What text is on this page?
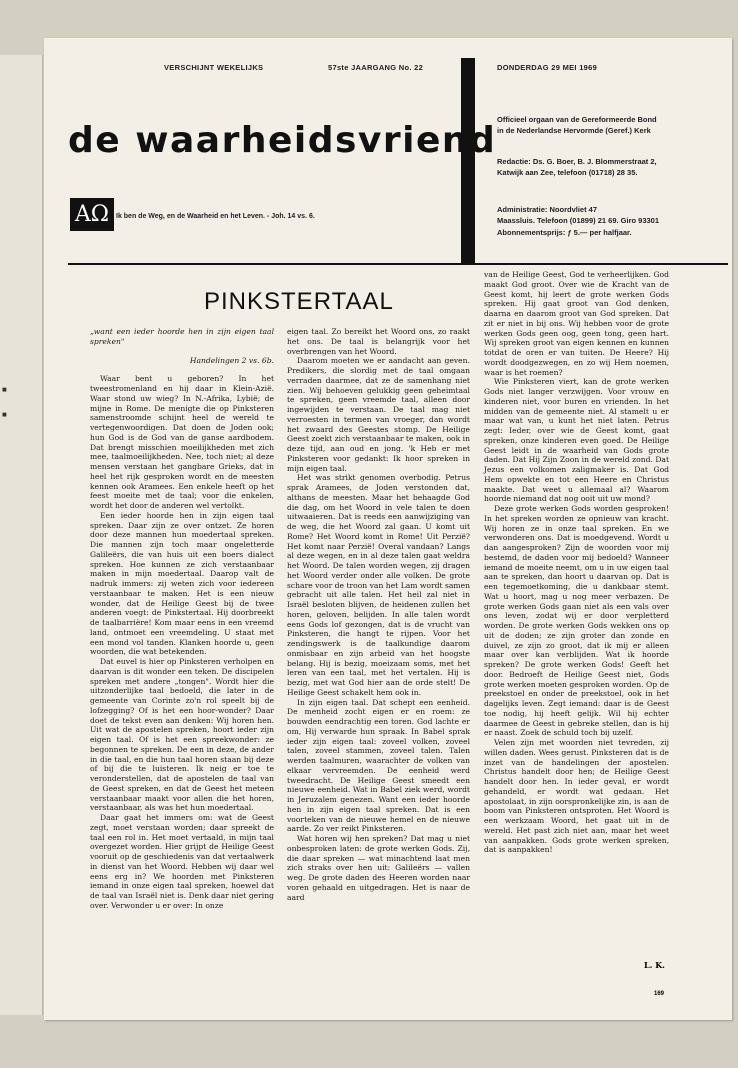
■
■
VERSCHIJNT WEKELIJKS	57ste JAARGANG No. 22	DONDERDAG 29 MEI 1969
de waarheidsvriend
AΩ Ik ben de Weg, en de Waarheid en het Leven. - Joh. 14 vs. 6.
Officieel orgaan van de Gereformeerde Bond
in de Nederlandse Hervormde (Geref.) Kerk
Redactie: Ds. G. Boer, B. J. Blommerstraat 2,
Katwijk aan Zee, telefoon (01718) 28 35.
Administratie: Noordvliet 47
Maassluis. Telefoon (01899) 21 69. Giro 93301
Abonnementsprijs: ƒ 5.— per halfjaar.
PINKSTERTAAL

„want een ieder hoorde hen in zijn eigen taal spreken"

Handelingen 2 vs. 6b.

Waar bent u geboren? In het tweestromenland en hij daar in Klein-Azië. Waar stond uw wieg? In N.-Afrika, Lybië; de mijne in Rome. De menigte die op Pinksteren samenstroomde schijnt heel de wereld te vertegenwoordigen. Dat doen de Joden ook; hun God is de God van de ganse aardbodem. Dat brengt misschien moeilijkheden met zich mee, taalmoeilijkheden. Nee, toch niet; al deze mensen verstaan het gangbare Grieks, dat in heel het rijk gesproken wordt en de meesten kennen ook Aramees. Een enkele heeft op het feest moeite met de taal; voor die enkelen, wordt het door de anderen wel vertolkt.

Een ieder hoorde hen in zijn eigen taal spreken. Daar zijn ze over ontzet. Ze horen door deze mannen hun moedertaal spreken. Die mannen zijn toch maar ongeletterde Galileërs, die van huis uit een boers dialect spreken. Hoe kunnen ze zich verstaanbaar maken in mijn moedertaal. Daarop valt de nadruk immers: zij weten zich voor iedereen verstaanbaar te maken. Het is een nieuw wonder, dat de Heilige Geest bij de twee anderen voegt: de Pinkstertaal. Hij doorbreekt de taalbarrière! Kom maar eens in een vreemd land, ontmoet een vreemdeling. U staat met een mond vol tanden. Klanken hoorde u, geen woorden, die wat betekenden.

Dat euvel is hier op Pinksteren verholpen en daarvan is dit wonder een teken. De discipelen spreken met andere „tongen". Wordt hier die uitzonderlijke taal bedoeld, die later in de gemeente van Corinte zo'n rol speelt bij de lofzegging? Of is het een hoor-wonder? Daar doet de tekst even aan denken: Wij horen hen. Uit wat de apostelen spreken, hoort ieder zijn eigen taal. Of is het een spreekwonder: ze begonnen te spreken. De een in deze, de ander in die taal, en die hun taal horen staan bij deze of bij die te luisteren. Ik neig er toe te veronderstellen, dat de apostelen de taal van de Geest spreken, en dat de Geest het meteen verstaanbaar maakt voor allen die het horen, verstaanbaar, als was het hun moedertaal.

Daar gaat het immers om: wat de Geest zegt, moet verstaan worden; daar spreekt de taal een rol in. Het moet vertaald, in mijn taal overgezet worden. Hier grijpt de Heilige Geest vooruit op de geschiedenis van dat vertaalwerk in dienst van het Woord. Hebben wij daar wel eens erg in? We hoorden met Pinksteren iemand in onze eigen taal spreken, hoewel dat de taal van Israël niet is. Denk daar niet gering over. Verwonder u er over: In onze

eigen taal. Zo bereikt het Woord ons, zo raakt het ons. De taal is belangrijk voor het overbrengen van het Woord.

Daarom moeten we er aandacht aan geven. Predikers, die slordig met de taal omgaan verraden daarmee, dat ze de samenhang niet zien. Wij behoeven gelukkig geen geheimtaal te spreken, geen vreemde taal, alleen door ingewijden te verstaan. De taal mag niet verroesten in termen van vroeger, dan wordt het zwaard des Geestes stomp. De Heilige Geest zoekt zich verstaanbaar te maken, ook in deze tijd, aan oud en jong. 'k Heb er met Pinksteren voor gedankt: Ik hoor spreken in mijn eigen taal.

Het was strikt genomen overbodig. Petrus sprak Aramees, de Joden verstonden dat, althans de meesten. Maar het behaagde God die dag, om het Woord in vele talen te doen uitwaaieren. Dat is reeds een aanwijziging van de weg, die het Woord zal gaan. U komt uit Rome? Het Woord komt in Rome! Uit Perzië? Het komt naar Perzië! Overal vandaan? Langs al deze wegen, en in al deze talen gaat weldra het Woord. De talen worden wegen, zij dragen het Woord verder onder alle volken. De grote schare voor de troon van het Lam wordt samen gebracht uit alle talen. Het heil zal niet in Israël besloten blijven, de heidenen zullen het horen, geloven, belijden. In alle talen wordt eens Gods lof gezongen, dat is de vrucht van Pinksteren, die hangt te rijpen. Voor het zendingswerk is de taalkundige daarom onmisbaar en zijn arbeid van het hoogste belang. Hij is bezig, moeizaam soms, met het leren van een taal, met het vertalen. Hij is bezig, met wat God hier aan de orde stelt! De Heilige Geest schakelt hem ook in.

In zijn eigen taal. Dat schept een eenheid. De menheid zocht eigen er en roem: ze bouwden eendrachtig een toren. God lachte er om, Hij verwarde hun spraak. In Babel sprak ieder zijn eigen taal: zoveel volken, zoveel talen, zoveel stammen, zoveel talen. Talen werden taalmuren, waarachter de volken van elkaar vervreemden. De eenheid werd tweedracht. De Heilige Geest smeedt een nieuwe eenheid. Wat in Babel ziek werd, wordt in Jeruzalem genezen. Want een ieder hoorde hen in zijn eigen taal spreken. Dat is een voorteken van de nieuwe hemel en de nieuwe aarde. Zo ver reikt Pinksteren.

Wat horen wij hen spreken? Dat mag u niet onbesproken laten: de grote werken Gods. Zij, die daar spreken — wat minachtend laat men zich straks over hen uit: Galileërs — vallen weg. De grote daden des Heeren worden naar voren gehaald en uitgedragen. Het is naar de aard

van de Heilige Geest, God te verheerlijken. God maakt God groot. Over wie de Kracht van de Geest komt, hij leert de grote werken Gods spreken. Hij gaat groot van God denken, daarna en daarom groot van God spreken. Dat zit er niet in bij ons. Wij hebben voor de grote werken Gods geen oog, geen tong, geen hart. Wij spreken groot van eigen kennen en kunnen totdat de oren er van tuiten. De Heere? Hij wordt doodgezwegen, en zo wij Hem noemen, waar is het roemen?

Wie Pinksteren viert, kan de grote werken Gods niet langer verzwijgen. Voor vrouw en kinderen niet, voor buren en vrienden. In het midden van de gemeente niet. Al stamelt u er maar wat van, u kunt het niet laten. Petrus zegt: Ieder, over wie de Geest komt, gaat spreken, onze kinderen even goed. De Heilige Geest leidt in de waarheid van Gods grote daden. Dat Hij Zijn Zoon in de wereld zond. Dat Jezus een volkomen zaligmaker is. Dat God Hem opwekte en tot een Heere en Christus maakte. Dat weet u allemaal al? Waarom hoorde niemand dat nog ooit uit uw mond?

Deze grote werken Gods worden gesproken! In het spreken worden ze opnieuw van kracht. Wij horen ze in onze taal spreken. En we verwonderen ons. Dat is moedgevend. Wordt u dan aangesproken? Zijn de woorden voor mij bestemd, de daden voor mij bedoeld? Wanneer iemand de moeite neemt, om u in uw eigen taal aan te spreken, dan hoort u daarvan op. Dat is een tegemoetkoming, die u dankbaar stemt. Wat u hoort, mag u nog meer verbazen. De grote werken Gods gaan niet als een vals over ons leven, zodat wij er door verpletterd worden. De grote werken Gods wekken ons op uit de doden; ze zijn groter dan zonde en duivel, ze zijn zo groot, dat ik mij er alleen maar over kan verblijden. Wat ik hoorde spreken? De grote werken Gods! Geeft het door. Bedroeft de Heilige Geest niet, Gods grote werken moeten gesproken worden. Op de preekstoel en onder de preekstoel, ook in het dagelijks leven. Zegt iemand: daar is de Geest toe nodig, hij heeft gelijk. Wil hij echter daarmee de Geest in gebreke stellen, dan is hij er naast. Zoek de schuld toch bij uzelf.

Velen zijn met woorden niet tevreden, zij willen daden. Wees gerust. Pinksteren dat is de inzet van de handelingen der apostelen. Christus handelt door hen; de Heilige Geest handelt door hen. In ieder geval, er wordt gehandeld, er wordt wat gedaan. Het apostolaat, in zijn oorspronkelijke zin, is aan de boom van Pinksteren ontsproten. Het Woord is een werkzaam Woord, het gaat uit in de wereld. Het past zich niet aan, maar het weet van aanpakken. Gods grote werken spreken, dat is aanpakken!

L. K.
169
